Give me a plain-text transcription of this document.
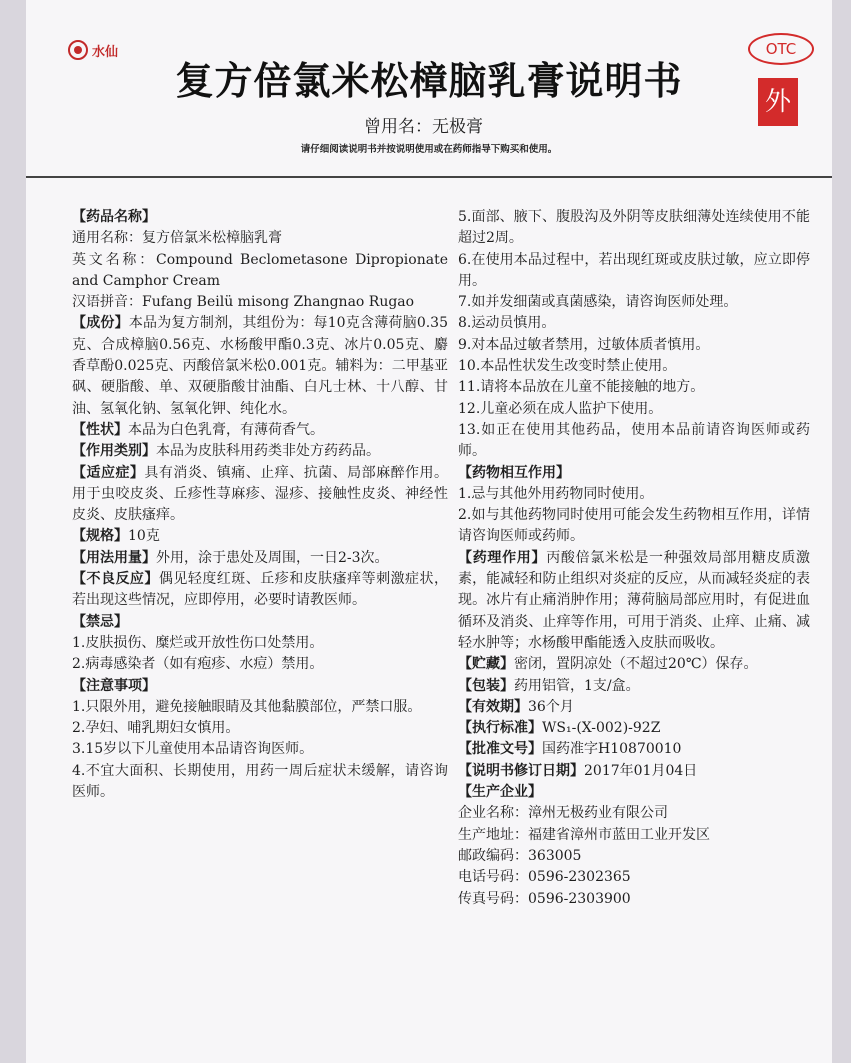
水仙
复方倍氯米松樟脑乳膏说明书
曾用名：无极膏
请仔细阅读说明书并按说明使用或在药师指导下购买和使用。
OTC
外

【药品名称】

通用名称：复方倍氯米松樟脑乳膏

英文名称：Compound Beclometasone Dipropionate and Camphor Cream

汉语拼音：Fufang Beilü misong Zhangnao Rugao

【成份】本品为复方制剂，其组份为：每10克含薄荷脑0.35克、合成樟脑0.56克、水杨酸甲酯0.3克、冰片0.05克、麝香草酚0.025克、丙酸倍氯米松0.001克。辅料为：二甲基亚砜、硬脂酸、单、双硬脂酸甘油酯、白凡士林、十八醇、甘油、氢氧化钠、氢氧化钾、纯化水。

【性状】本品为白色乳膏，有薄荷香气。

【作用类别】本品为皮肤科用药类非处方药药品。

【适应症】具有消炎、镇痛、止痒、抗菌、局部麻醉作用。用于虫咬皮炎、丘疹性荨麻疹、湿疹、接触性皮炎、神经性皮炎、皮肤瘙痒。

【规格】10克

【用法用量】外用，涂于患处及周围，一日2-3次。

【不良反应】偶见轻度红斑、丘疹和皮肤瘙痒等刺激症状，若出现这些情况，应即停用，必要时请教医师。

【禁忌】

1.皮肤损伤、糜烂或开放性伤口处禁用。

2.病毒感染者（如有疱疹、水痘）禁用。

【注意事项】

1.只限外用，避免接触眼睛及其他黏膜部位，严禁口服。

2.孕妇、哺乳期妇女慎用。

3.15岁以下儿童使用本品请咨询医师。

4.不宜大面积、长期使用，用药一周后症状未缓解，请咨询医师。

5.面部、腋下、腹股沟及外阴等皮肤细薄处连续使用不能超过2周。

6.在使用本品过程中，若出现红斑或皮肤过敏，应立即停用。

7.如并发细菌或真菌感染，请咨询医师处理。

8.运动员慎用。

9.对本品过敏者禁用，过敏体质者慎用。

10.本品性状发生改变时禁止使用。

11.请将本品放在儿童不能接触的地方。

12.儿童必须在成人监护下使用。

13.如正在使用其他药品，使用本品前请咨询医师或药师。

【药物相互作用】

1.忌与其他外用药物同时使用。

2.如与其他药物同时使用可能会发生药物相互作用，详情请咨询医师或药师。

【药理作用】丙酸倍氯米松是一种强效局部用糖皮质激素，能减轻和防止组织对炎症的反应，从而减轻炎症的表现。冰片有止痛消肿作用；薄荷脑局部应用时，有促进血循环及消炎、止痒等作用，可用于消炎、止痒、止痛、减轻水肿等；水杨酸甲酯能透入皮肤而吸收。

【贮藏】密闭，置阴凉处（不超过20℃）保存。

【包装】药用铝管，1支/盒。

【有效期】36个月

【执行标准】WS₁-(X-002)-92Z

【批准文号】国药准字H10870010

【说明书修订日期】2017年01月04日

【生产企业】

企业名称：漳州无极药业有限公司

生产地址：福建省漳州市蓝田工业开发区

邮政编码：363005

电话号码：0596-2302365

传真号码：0596-2303900
